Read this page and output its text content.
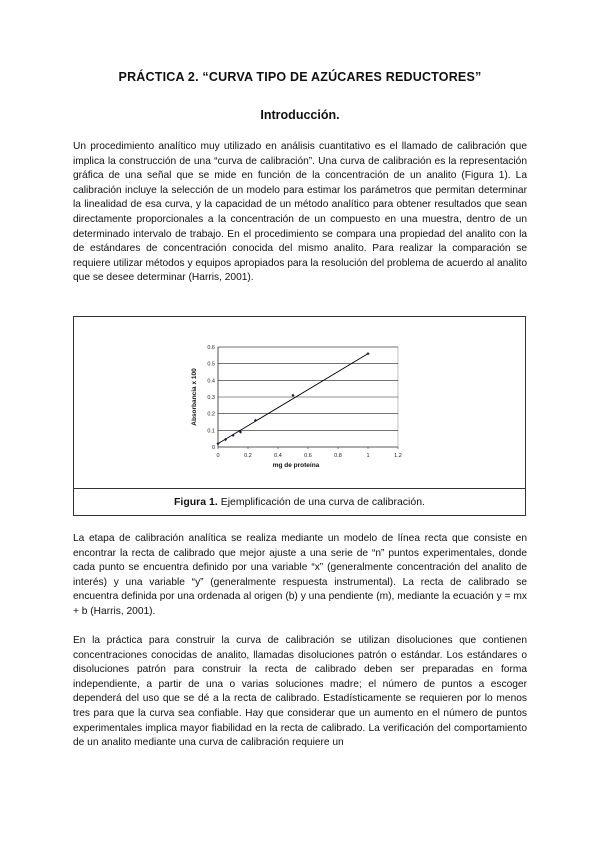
PRÁCTICA 2. “CURVA TIPO DE AZÚCARES REDUCTORES”
Introducción.

Un procedimiento analítico muy utilizado en análisis cuantitativo es el llamado de calibración que implica la construcción de una “curva de calibración”. Una curva de calibración es la representación gráfica de una señal que se mide en función de la concentración de un analito (Figura 1). La calibración incluye la selección de un modelo para estimar los parámetros que permitan determinar la linealidad de esa curva, y la capacidad de un método analítico para obtener resultados que sean directamente proporcionales a la concentración de un compuesto en una muestra, dentro de un determinado intervalo de trabajo. En el procedimiento se compara una propiedad del analito con la de estándares de concentración conocida del mismo analito. Para realizar la comparación se requiere utilizar métodos y equipos apropiados para la resolución del problema de acuerdo al analito que se desee determinar (Harris, 2001).

0
0.1
0.2
0.3
0.4
0.5
0.6
0	0.2	0.4	0.6	0.8	1	1.2
mg de proteína
Absorbancia x 100
Figura 1. Ejemplificación de una curva de calibración.

La etapa de calibración analítica se realiza mediante un modelo de línea recta que consiste en encontrar la recta de calibrado que mejor ajuste a una serie de “n” puntos experimentales, donde cada punto se encuentra definido por una variable “x” (generalmente concentración del analito de interés) y una variable “y” (generalmente respuesta instrumental). La recta de calibrado se encuentra definida por una ordenada al origen (b) y una pendiente (m), mediante la ecuación y = mx + b (Harris, 2001).

En la práctica para construir la curva de calibración se utilizan disoluciones que contienen concentraciones conocidas de analito, llamadas disoluciones patrón o estándar. Los estándares o disoluciones patrón para construir la recta de calibrado deben ser preparadas en forma independiente, a partir de una o varias soluciones madre; el número de puntos a escoger dependerá del uso que se dé a la recta de calibrado. Estadísticamente se requieren por lo menos tres para que la curva sea confiable. Hay que considerar que un aumento en el número de puntos experimentales implica mayor fiabilidad en la recta de calibrado. La verificación del comportamiento de un analito mediante una curva de calibración requiere un
